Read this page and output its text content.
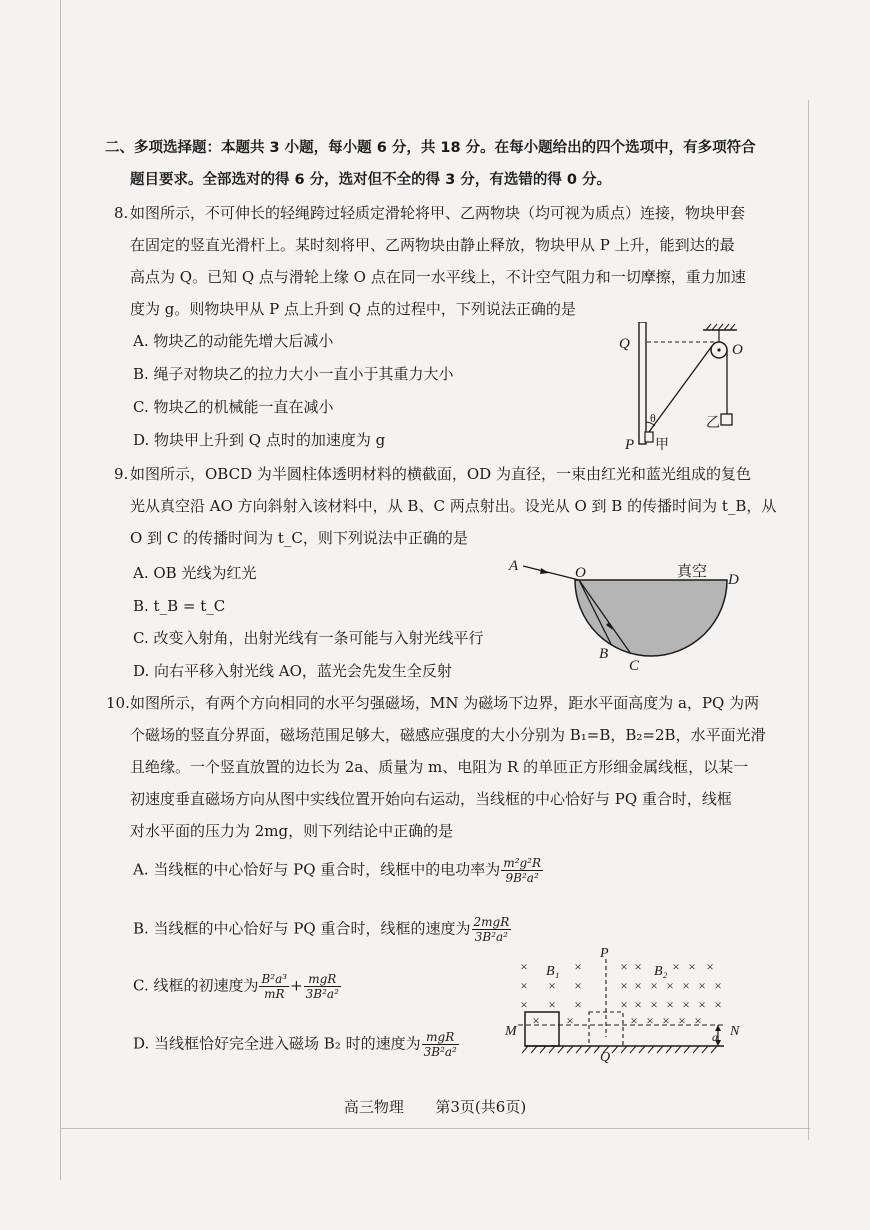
二、多项选择题：本题共 3 小题，每小题 6 分，共 18 分。在每小题给出的四个选项中，有多项符合
题目要求。全部选对的得 6 分，选对但不全的得 3 分，有选错的得 0 分。
8. 如图所示，不可伸长的轻绳跨过轻质定滑轮将甲、乙两物块（均可视为质点）连接，物块甲套
在固定的竖直光滑杆上。某时刻将甲、乙两物块由静止释放，物块甲从 P 上升，能到达的最
高点为 Q。已知 Q 点与滑轮上缘 O 点在同一水平线上，不计空气阻力和一切摩擦，重力加速
度为 g。则物块甲从 P 点上升到 Q 点的过程中，下列说法正确的是
A. 物块乙的动能先增大后减小
B. 绳子对物块乙的拉力大小一直小于其重力大小
C. 物块乙的机械能一直在减小
D. 物块甲上升到 Q 点时的加速度为 g
Q	O
θ	乙
P 甲
9. 如图所示，OBCD 为半圆柱体透明材料的横截面，OD 为直径，一束由红光和蓝光组成的复色
光从真空沿 AO 方向斜射入该材料中，从 B、C 两点射出。设光从 O 到 B 的传播时间为 t_B，从
O 到 C 的传播时间为 t_C，则下列说法中正确的是
A. OB 光线为红光
B. t_B = t_C
C. 改变入射角，出射光线有一条可能与入射光线平行
D. 向右平移入射光线 AO，蓝光会先发生全反射
A	O	真空 D
B
C
10. 如图所示，有两个方向相同的水平匀强磁场，MN 为磁场下边界，距水平面高度为 a，PQ 为两
个磁场的竖直分界面，磁场范围足够大，磁感应强度的大小分别为 B₁=B，B₂=2B，水平面光滑
且绝缘。一个竖直放置的边长为 2a、质量为 m、电阻为 R 的单匝正方形细金属线框，以某一
初速度垂直磁场方向从图中实线位置开始向右运动，当线框的中心恰好与 PQ 重合时，线框
对水平面的压力为 2mg，则下列结论中正确的是
A. 当线框的中心恰好与 PQ 重合时，线框中的电功率为 $\frac{\text{m²g²R}}{\text{9B²a²}}$
B. 当线框的中心恰好与 PQ 重合时，线框的速度为 $\frac{\text{2mgR}}{\text{3B²a²}}$
C. 线框的初速度为 $\frac{\text{B²a³}}{mR} + \frac{\text{mgR}}{\text{3B²a²}}$
D. 当线框恰好完全进入磁场 B₂ 时的速度为 $\frac{\text{mgR}}{\text{3B²a²}}$
×	×
× × ×
× × ×
× × × × ×
× × × × × × ×
× × × × × × ×
× × × × ×
× ×
P
B₁	B₂
M	a N
Q
高三物理 第3页(共6页)
